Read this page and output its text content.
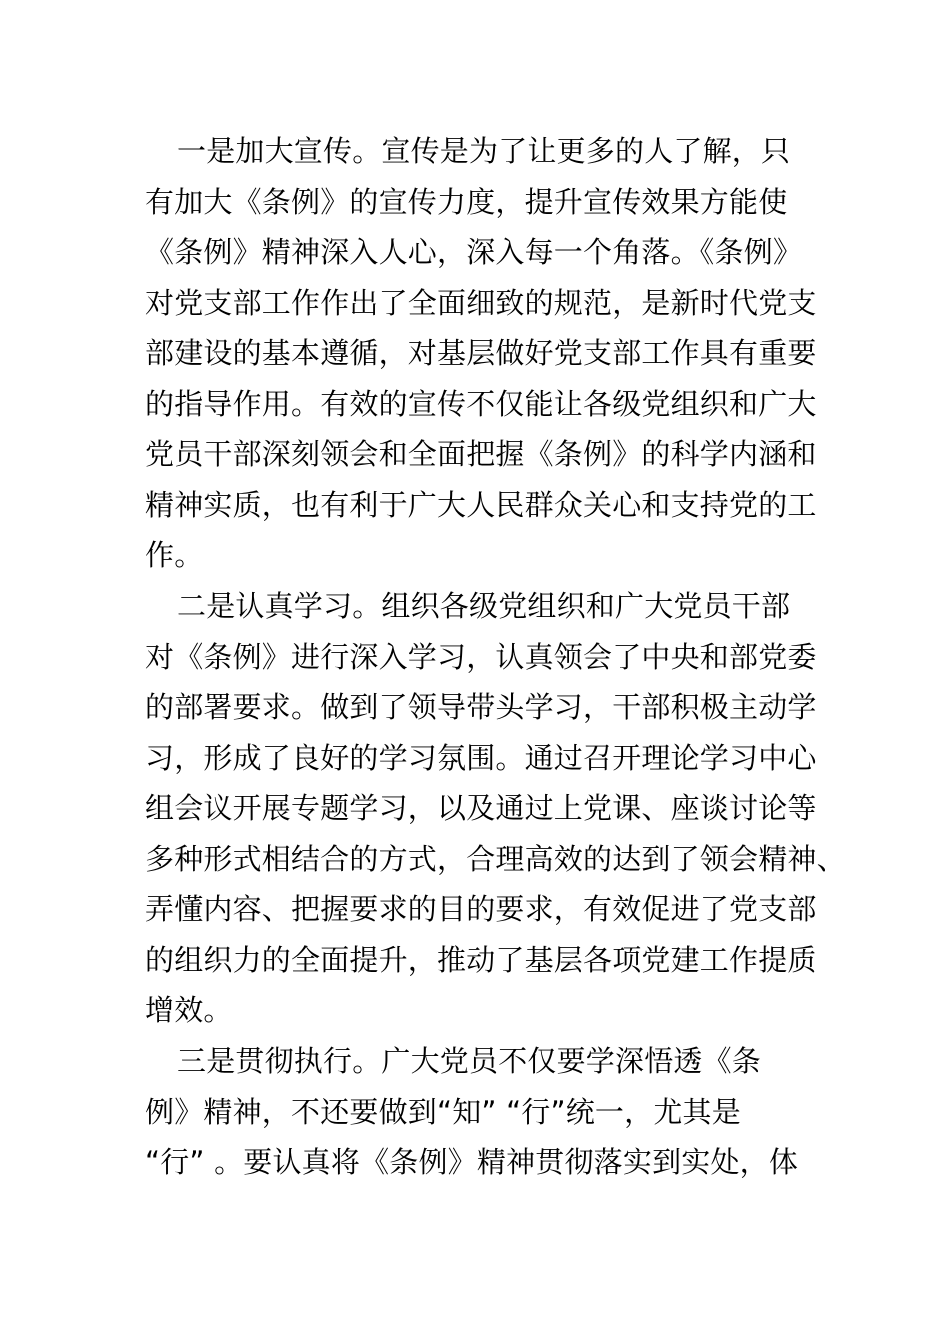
一是加大宣传。宣传是为了让更多的人了解，只
有加大《条例》的宣传力度，提升宣传效果方能使
《条例》精神深入人心，深入每一个角落。《条例》
对党支部工作作出了全面细致的规范，是新时代党支
部建设的基本遵循，对基层做好党支部工作具有重要
的指导作用。有效的宣传不仅能让各级党组织和广大
党员干部深刻领会和全面把握《条例》的科学内涵和
精神实质，也有利于广大人民群众关心和支持党的工
作。
二是认真学习。组织各级党组织和广大党员干部
对《条例》进行深入学习，认真领会了中央和部党委
的部署要求。做到了领导带头学习，干部积极主动学
习，形成了良好的学习氛围。通过召开理论学习中心
组会议开展专题学习，以及通过上党课、座谈讨论等
多种形式相结合的方式，合理高效的达到了领会精神、
弄懂内容、把握要求的目的要求，有效促进了党支部
的组织力的全面提升，推动了基层各项党建工作提质
增效。
三是贯彻执行。广大党员不仅要学深悟透《条
例》精神，不还要做到“知” “行”统一，尤其是
“行” 。要认真将《条例》精神贯彻落实到实处，体
